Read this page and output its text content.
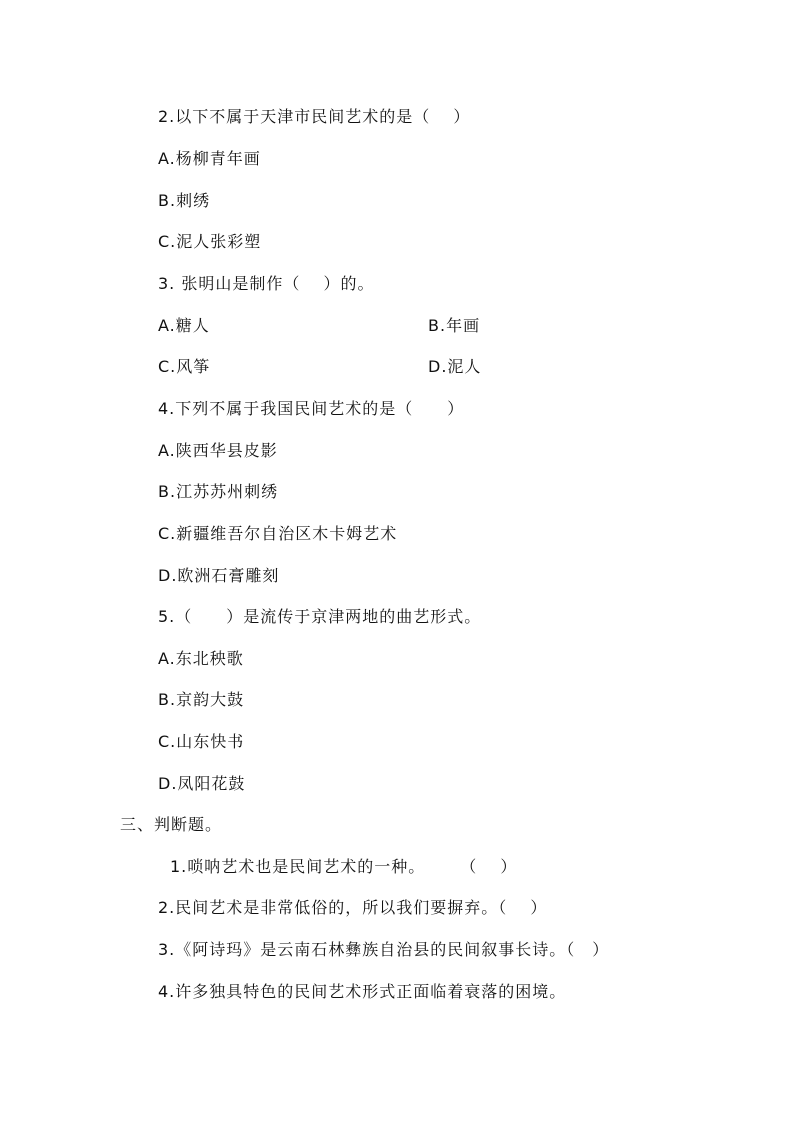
2.以下不属于天津市民间艺术的是（　 ）
A.杨柳青年画
B.刺绣
C.泥人张彩塑
3. 张明山是制作（　 ）的。
A.糖人	B.年画
C.风筝	D.泥人
4.下列不属于我国民间艺术的是（　　）
A.陕西华县皮影
B.江苏苏州刺绣
C.新疆维吾尔自治区木卡姆艺术
D.欧洲石膏雕刻
5.（　　）是流传于京津两地的曲艺形式。
A.东北秧歌
B.京韵大鼓
C.山东快书
D.凤阳花鼓
三、判断题。
1.唢呐艺术也是民间艺术的一种。　　　（　 ）
2.民间艺术是非常低俗的，所以我们要摒弃。（　 ）
3.《阿诗玛》是云南石林彝族自治县的民间叙事长诗。（　）
4.许多独具特色的民间艺术形式正面临着衰落的困境。
